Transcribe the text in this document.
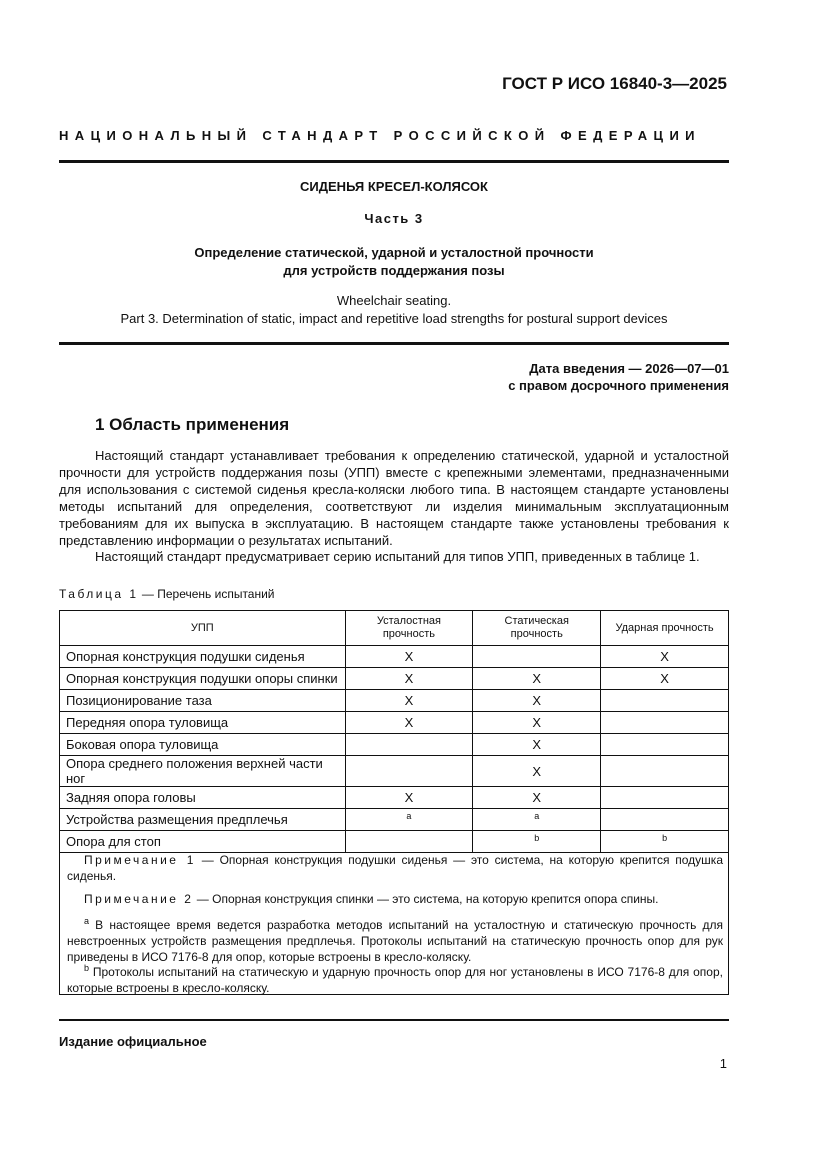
ГОСТ Р ИСО 16840-3—2025
НАЦИОНАЛЬНЫЙ СТАНДАРТ РОССИЙСКОЙ ФЕДЕРАЦИИ
СИДЕНЬЯ КРЕСЕЛ-КОЛЯСОК
Часть 3
Определение статической, ударной и усталостной прочности
для устройств поддержания позы
Wheelchair seating.
Part 3. Determination of static, impact and repetitive load strengths for postural support devices
Дата введения — 2026—07—01
с правом досрочного применения
1 Область применения
Настоящий стандарт устанавливает требования к определению статической, ударной и усталостной прочности для устройств поддержания позы (УПП) вместе с крепежными элементами, предназначенными для использования с системой сиденья кресла-коляски любого типа. В настоящем стандарте установлены методы испытаний для определения, соответствуют ли изделия минимальным эксплуатационным требованиям для их выпуска в эксплуатацию. В настоящем стандарте также установлены требования к представлению информации о результатах испытаний.
Настоящий стандарт предусматривает серию испытаний для типов УПП, приведенных в таблице 1.
Таблица 1 — Перечень испытаний
УПП	Усталостная прочность	Статическая прочность	Ударная прочность
Опорная конструкция подушки сиденья	X		X
Опорная конструкция подушки опоры спинки	X	X	X
Позиционирование таза	X	X	
Передняя опора туловища	X	X	
Боковая опора туловища		X	
Опора среднего положения верхней части ног		X	
Задняя опора головы	X	X	
Устройства размещения предплечья	a	a	
Опора для стоп		b	b
Примечание 1 — Опорная конструкция подушки сиденья — это система, на которую крепится подушка сиденья.
Примечание 2 — Опорная конструкция спинки — это система, на которую крепится опора спины.
$^a$ В настоящее время ведется разработка методов испытаний на усталостную и статическую прочность для невстроенных устройств размещения предплечья. Протоколы испытаний на статическую прочность опор для рук приведены в ИСО 7176-8 для опор, которые встроены в кресло-коляску.
$^b$ Протоколы испытаний на статическую и ударную прочность опор для ног установлены в ИСО 7176-8 для опор, которые встроены в кресло-коляску.
Издание официальное
1
